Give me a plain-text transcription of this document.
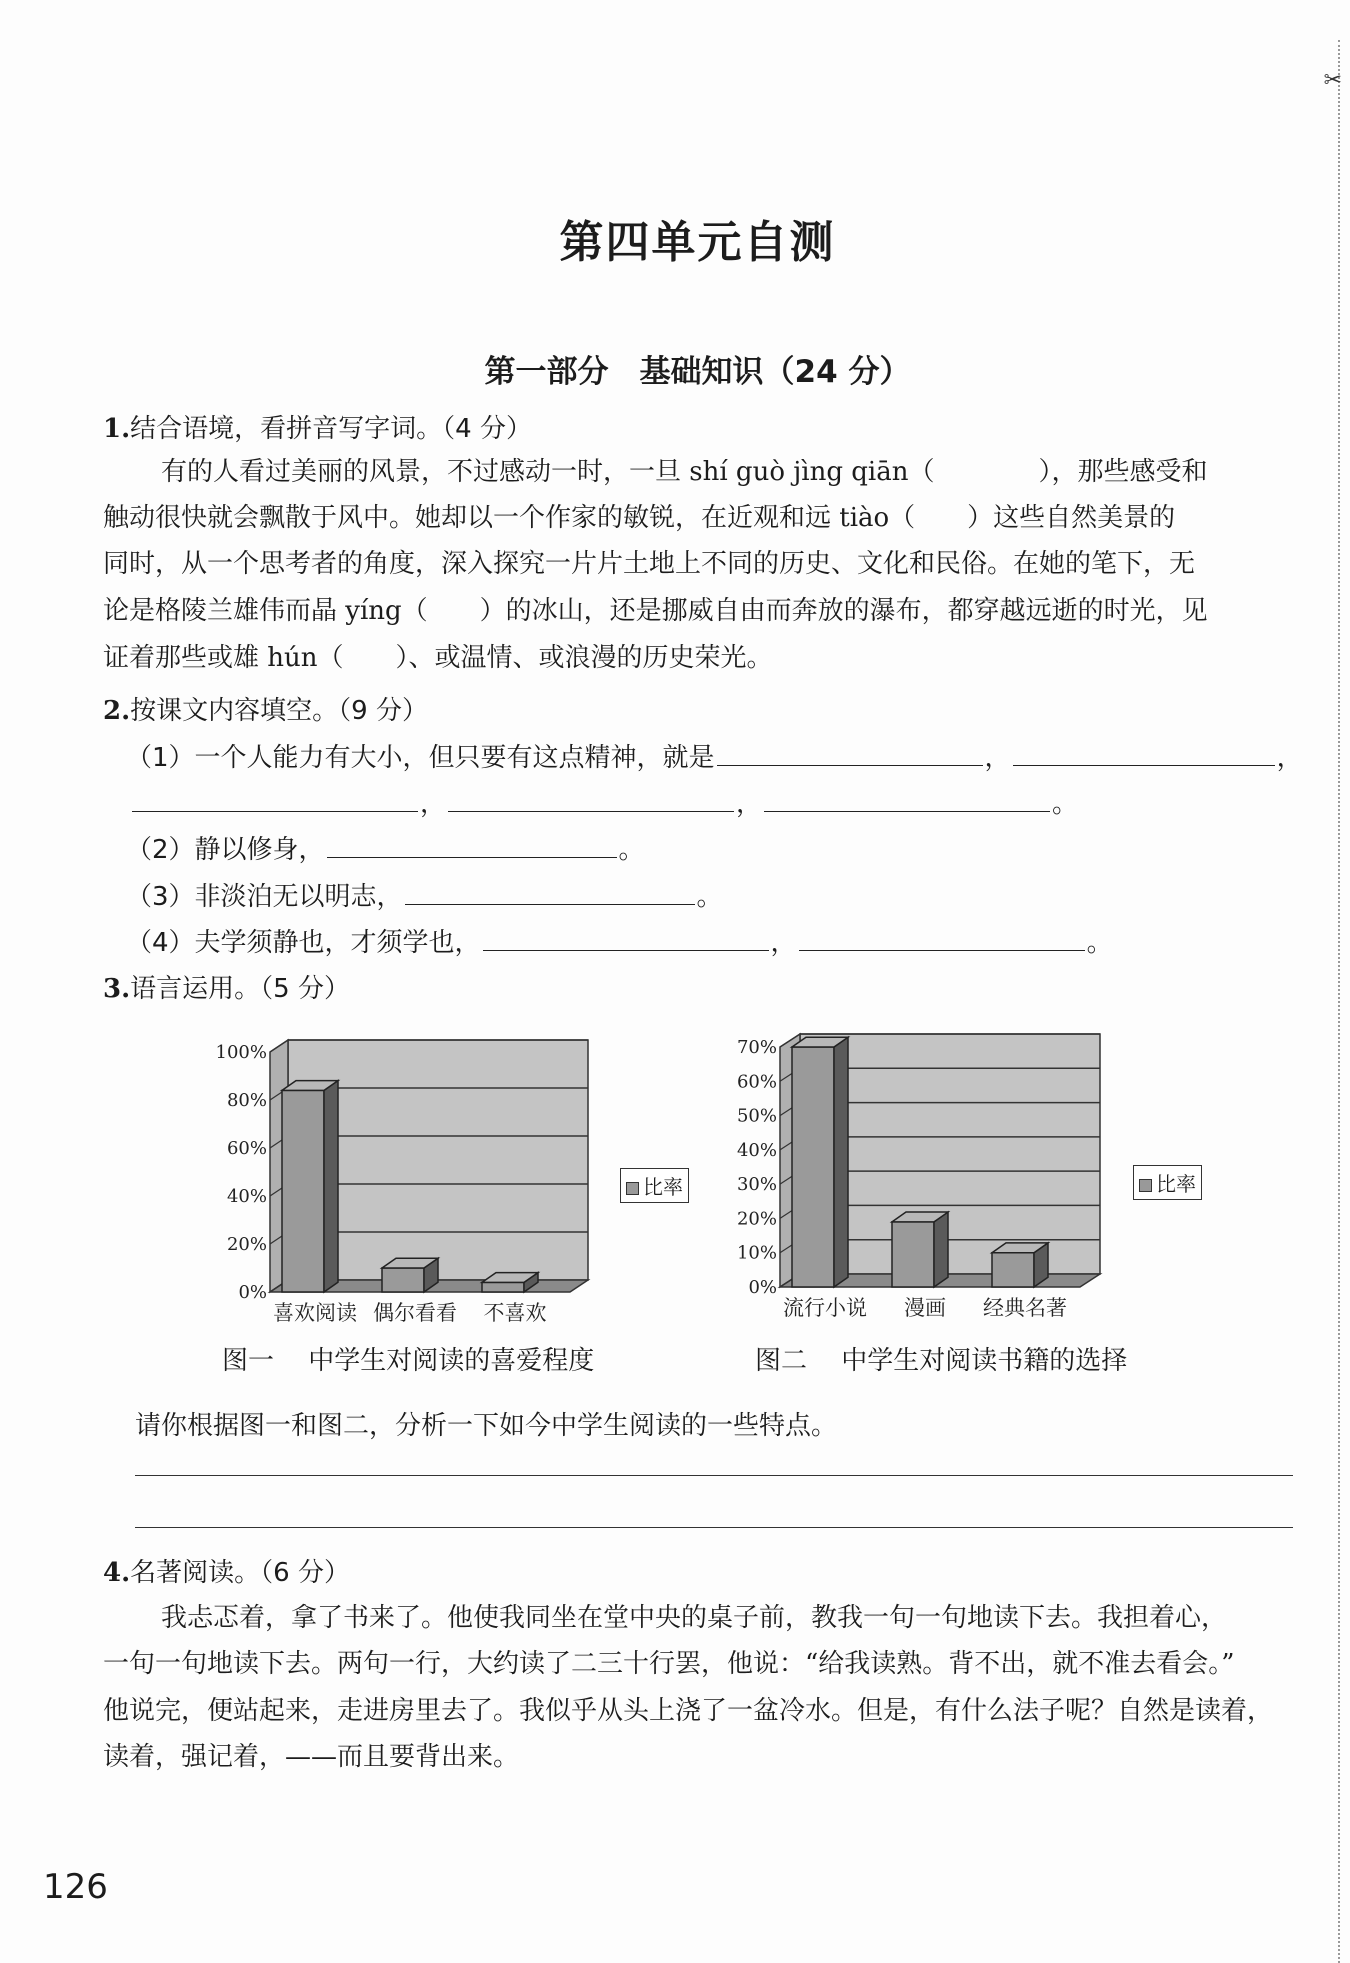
✂
第四单元自测
第一部分　基础知识（24 分）
1.结合语境，看拼音写字词。（4 分）
有的人看过美丽的风景，不过感动一时，一旦 shí guò jìng qiān（　　　　），那些感受和
触动很快就会飘散于风中。她却以一个作家的敏锐，在近观和远 tiào（　　）这些自然美景的
同时，从一个思考者的角度，深入探究一片片土地上不同的历史、文化和民俗。在她的笔下，无
论是格陵兰雄伟而晶 yíng（　　）的冰山，还是挪威自由而奔放的瀑布，都穿越远逝的时光，见
证着那些或雄 hún（　　）、或温情、或浪漫的历史荣光。
2.按课文内容填空。（9 分）
（1）一个人能力有大小，但只要有这点精神，就是	，	，
，	，	。
（2）静以修身，	。
（3）非淡泊无以明志，	。
（4）夫学须静也，才须学也，	，	。
3.语言运用。（5 分）
0%
20%
40%
60%
80%
100%
喜欢阅读 偶尔看看 不喜欢
比率
0%
10%
20%
30%
40%
50%
60%
70%
流行小说 漫画 经典名著
比率
图一　 中学生对阅读的喜爱程度	图二　 中学生对阅读书籍的选择
请你根据图一和图二，分析一下如今中学生阅读的一些特点。
4.名著阅读。（6 分）
我忐忑着，拿了书来了。他使我同坐在堂中央的桌子前，教我一句一句地读下去。我担着心，
一句一句地读下去。两句一行，大约读了二三十行罢，他说：“给我读熟。背不出，就不准去看会。”
他说完，便站起来，走进房里去了。我似乎从头上浇了一盆冷水。但是，有什么法子呢？自然是读着，
读着，强记着，——而且要背出来。
126
